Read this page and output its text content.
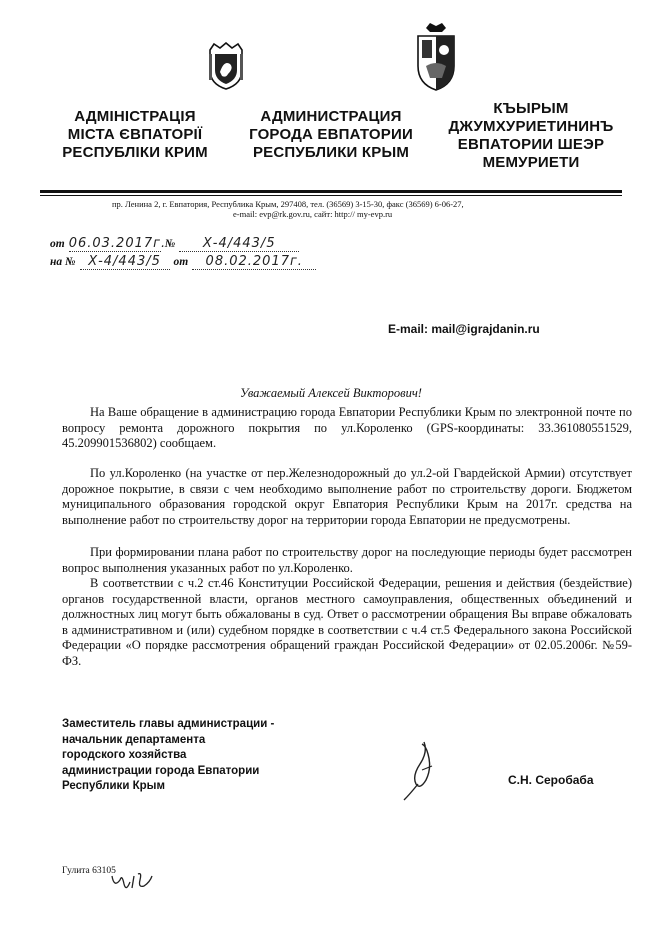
АДМІНІСТРАЦІЯ
МІСТА ЄВПАТОРІЇ
РЕСПУБЛІКИ КРИМ
АДМИНИСТРАЦИЯ
ГОРОДА ЕВПАТОРИИ
РЕСПУБЛИКИ КРЫМ
КЪЫРЫМ
ДЖУМХУРИЕТИНИНЪ
ЕВПАТОРИИ ШЕЭР
МЕМУРИЕТИ
пр. Ленина 2, г. Евпатория, Республика Крым, 297408, тел. (36569) 3-15-30, факс (36569) 6-06-27,
e-mail: evp@rk.gov.ru, сайт: http:// my-evp.ru
от 06.03.2017г. № Х-4/443/5
на № Х-4/443/5 от 08.02.2017г.
E-mail: mail@igrajdanin.ru
Уважаемый Алексей Викторович!
На Ваше обращение в администрацию города Евпатории Республики Крым по электронной почте по вопросу ремонта дорожного покрытия по ул.Короленко (GPS-координаты: 33.361080551529, 45.209901536802) сообщаем.
По ул.Короленко (на участке от пер.Железнодорожный до ул.2-ой Гвардейской Армии) отсутствует дорожное покрытие, в связи с чем необходимо выполнение работ по строительству дороги. Бюджетом муниципального образования городской округ Евпатория Республики Крым на 2017г. средства на выполнение работ по строительству дорог на территории города Евпатории не предусмотрены.
При формировании плана работ по строительству дорог на последующие периоды будет рассмотрен вопрос выполнения указанных работ по ул.Короленко.
В соответствии с ч.2 ст.46 Конституции Российской Федерации, решения и действия (бездействие) органов государственной власти, органов местного самоуправления, общественных объединений и должностных лиц могут быть обжалованы в суд. Ответ о рассмотрении обращения Вы вправе обжаловать в административном и (или) судебном порядке в соответствии с ч.4 ст.5 Федерального закона Российской Федерации «О порядке рассмотрения обращений граждан Российской Федерации» от 02.05.2006г. №59-ФЗ.
Заместитель главы администрации -
начальник департамента
городского хозяйства
администрации города Евпатории
Республики Крым	С.Н. Серобаба
Гулита 63105
